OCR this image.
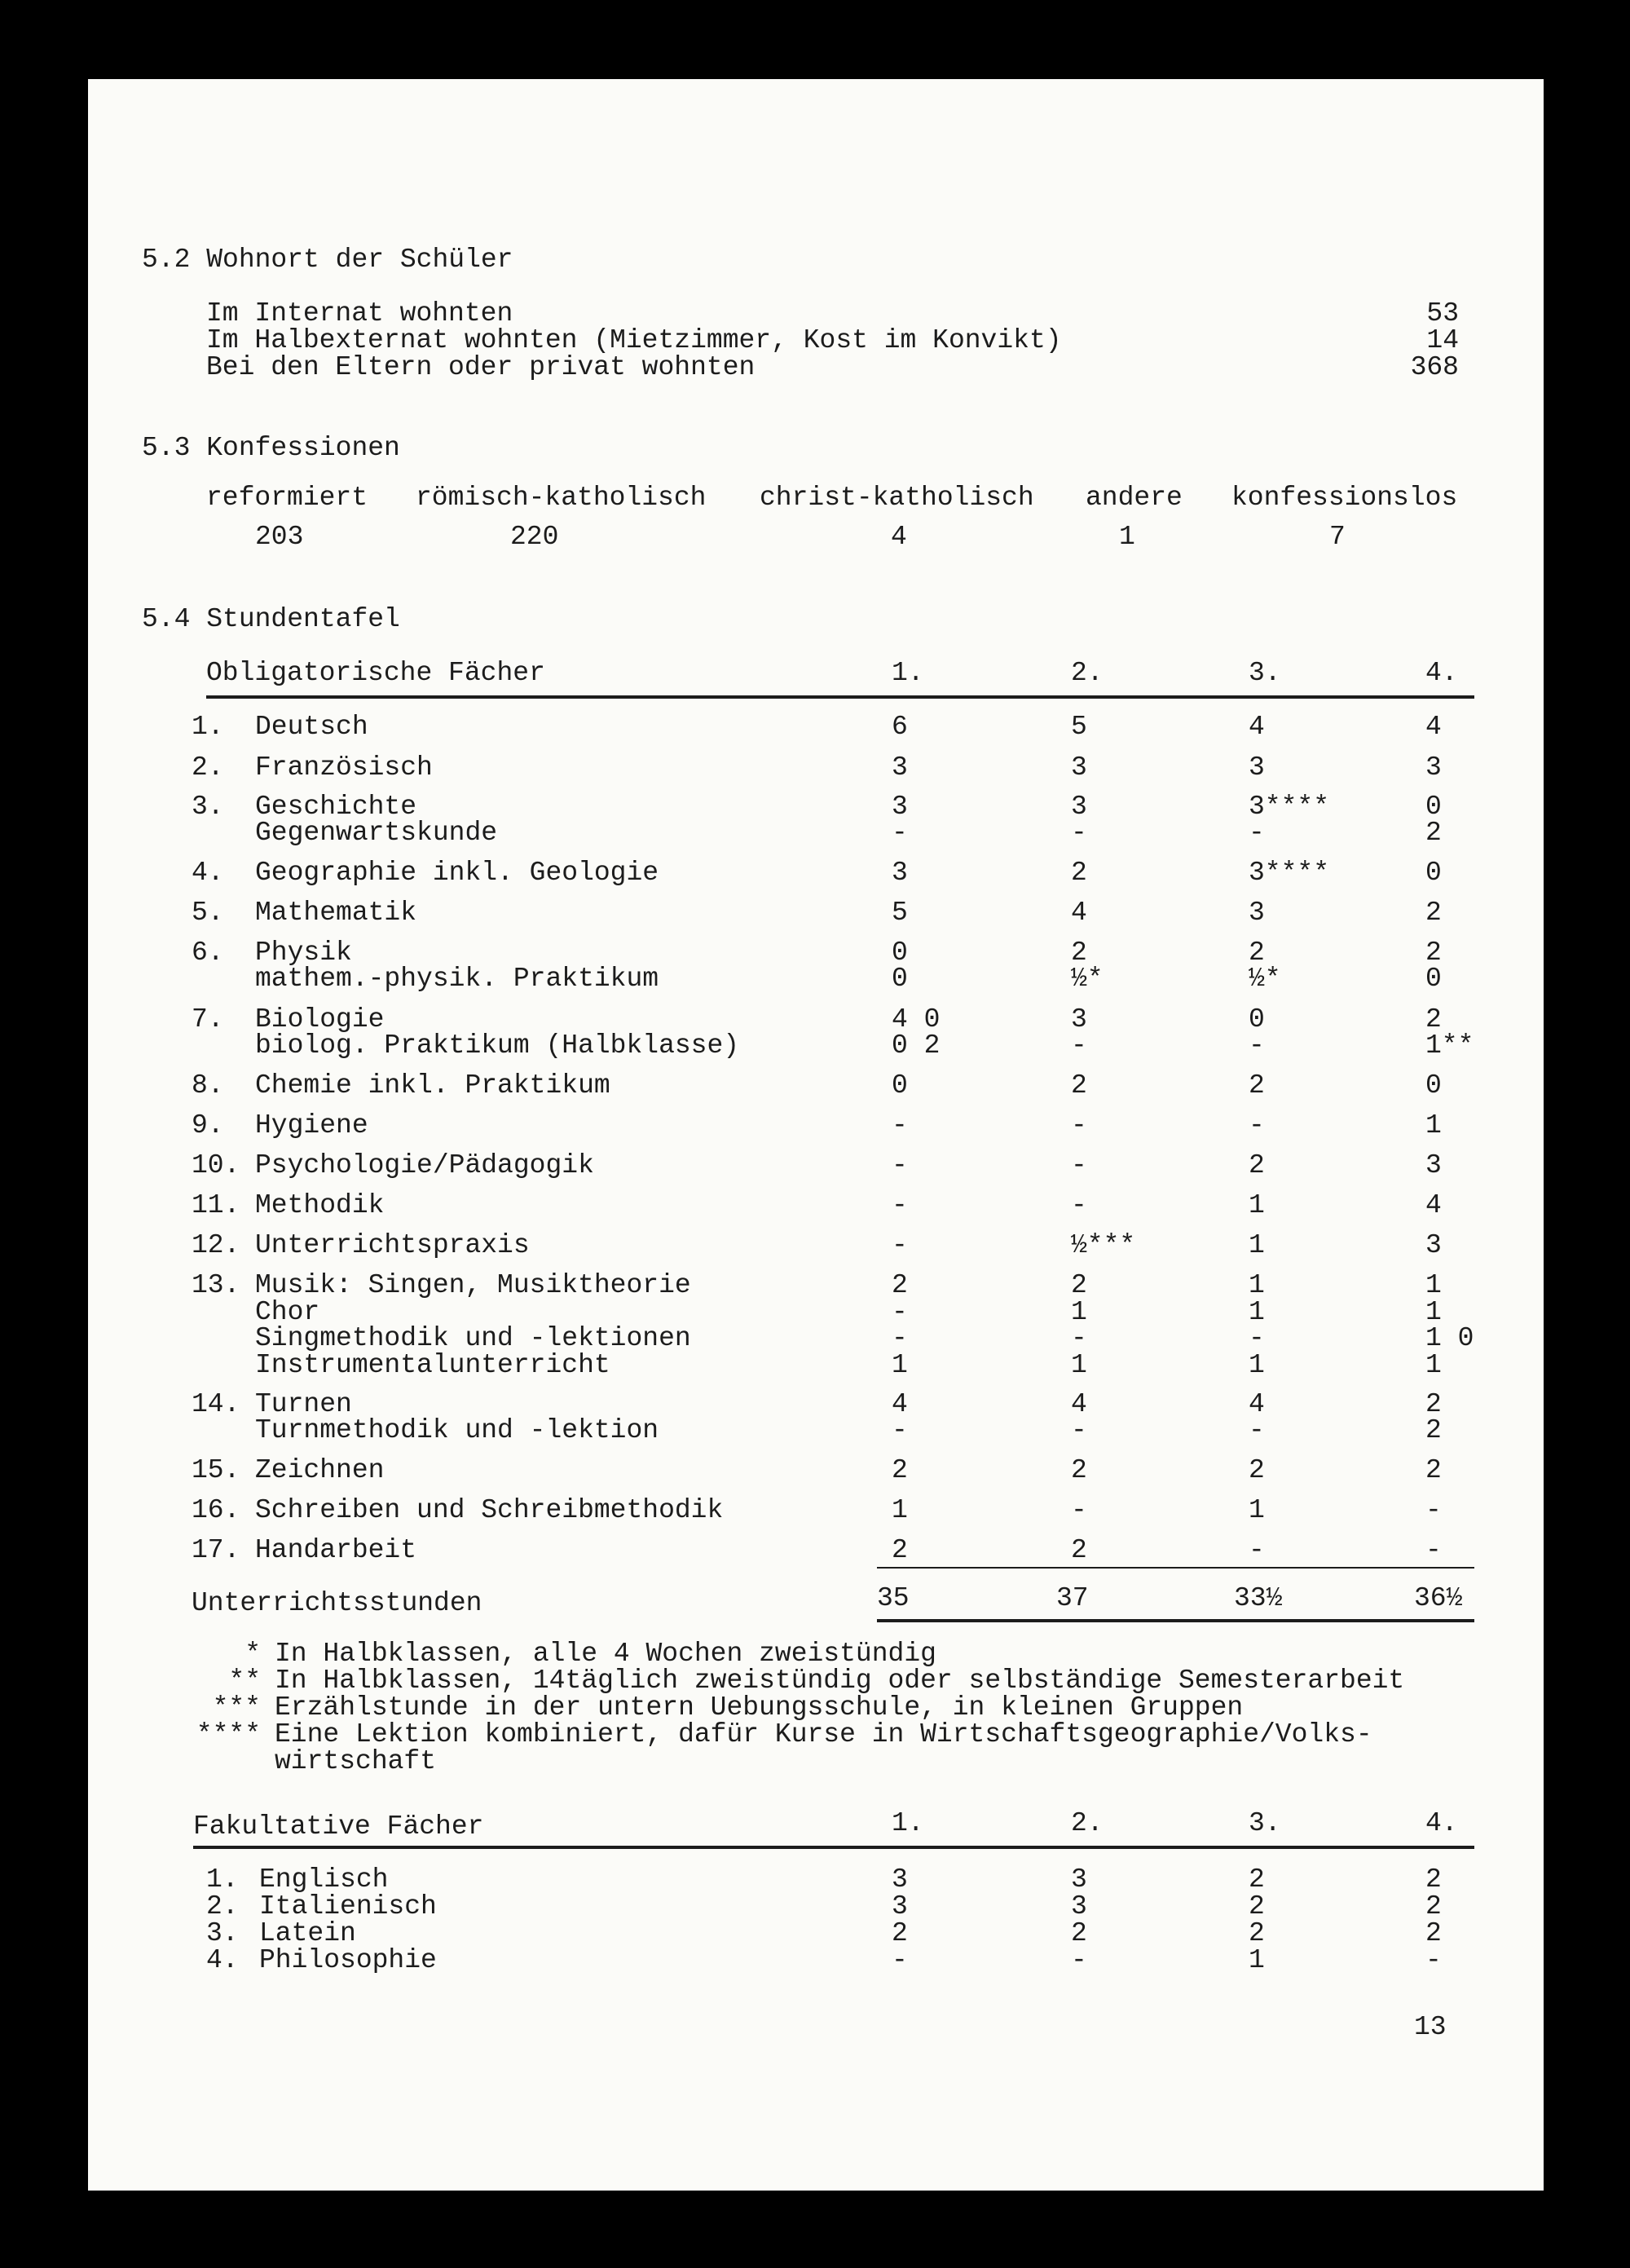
5.2 Wohnort der Schüler
Im Internat wohnten	53
Im Halbexternat wohnten (Mietzimmer, Kost im Konvikt)	14
Bei den Eltern oder privat wohnten	368
5.3 Konfessionen
reformiert römisch-katholisch christ-katholisch andere konfessionslos
203	220	4	1	7
5.4 Stundentafel
Obligatorische Fächer	1.	2.	3.	4.
1. Deutsch	6	5	4	4
2. Französisch	3	3	3	3
3. Geschichte	3	3	3****	0
Gegenwartskunde	-	-	-	2
4. Geographie inkl. Geologie	3	2	3****	0
5. Mathematik	5	4	3	2
6. Physik	0	2	2	2
mathem.-physik. Praktikum	0	½*	½*	0
7. Biologie	4 0	3	0	2
biolog. Praktikum (Halbklasse)	0 2	-	-	1**
8. Chemie inkl. Praktikum	0	2	2	0
9. Hygiene	-	-	-	1
10. Psychologie/Pädagogik	-	-	2	3
11. Methodik	-	-	1	4
12. Unterrichtspraxis	-	½***	1	3
13. Musik: Singen, Musiktheorie	2	2	1	1
Chor	-	1	1	1
Singmethodik und -lektionen	-	-	-	1 0
Instrumentalunterricht	1	1	1	1
14. Turnen	4	4	4	2
Turnmethodik und -lektion	-	-	-	2
15. Zeichnen	2	2	2	2
16. Schreiben und Schreibmethodik	1	-	1	-
17. Handarbeit	2	2	-	-
Unterrichtsstunden	35	37	33½	36½
* In Halbklassen, alle 4 Wochen zweistündig
** In Halbklassen, 14täglich zweistündig oder selbständige Semesterarbeit
*** Erzählstunde in der untern Uebungsschule, in kleinen Gruppen
**** Eine Lektion kombiniert, dafür Kurse in Wirtschaftsgeographie/Volks-
wirtschaft
Fakultative Fächer	1.	2.	3.	4.
1. Englisch	3	3	2	2
2. Italienisch	3	3	2	2
3. Latein	2	2	2	2
4. Philosophie	-	-	1	-
13
